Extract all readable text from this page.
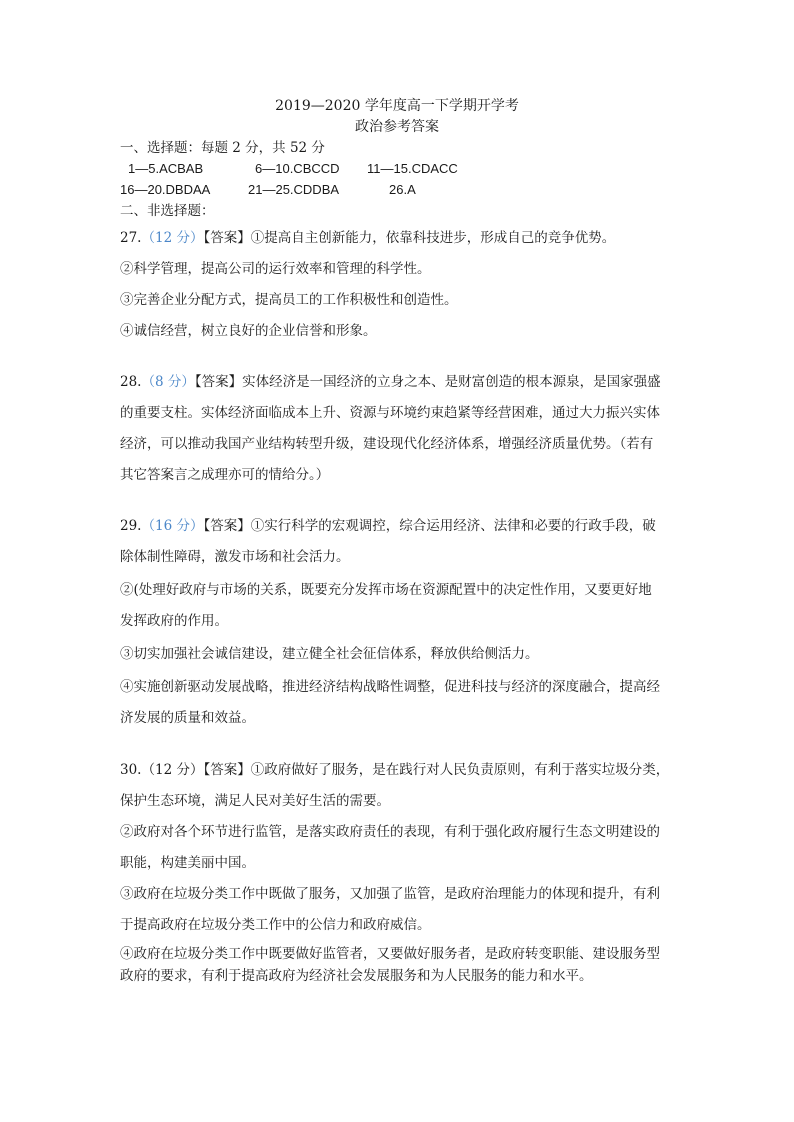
2019—2020 学年度高一下学期开学考
政治参考答案
一、选择题：每题 2 分，共 52 分
1—5.ACBAB	6—10.CBCCD 11—15.CDACC
16—20.DBDAA	21—25.CDDBA	26.A
二、非选择题：
27.（12 分）【答案】①提高自主创新能力，依靠科技进步，形成自己的竞争优势。
②科学管理，提高公司的运行效率和管理的科学性。
③完善企业分配方式，提高员工的工作积极性和创造性。
④诚信经营，树立良好的企业信誉和形象。
28.（8 分）【答案】实体经济是一国经济的立身之本、是财富创造的根本源泉，是国家强盛
的重要支柱。实体经济面临成本上升、资源与环境约束趋紧等经营困难，通过大力振兴实体
经济，可以推动我国产业结构转型升级，建设现代化经济体系，增强经济质量优势。（若有
其它答案言之成理亦可的情给分。）
29.（16 分）【答案】①实行科学的宏观调控，综合运用经济、法律和必要的行政手段，破
除体制性障碍，激发市场和社会活力。
②(处理好政府与市场的关系，既要充分发挥市场在资源配置中的决定性作用，又要更好地
发挥政府的作用。
③切实加强社会诚信建设，建立健全社会征信体系，释放供给侧活力。
④实施创新驱动发展战略，推进经济结构战略性调整，促进科技与经济的深度融合，提高经
济发展的质量和效益。
30.（12 分）【答案】①政府做好了服务，是在践行对人民负责原则，有利于落实垃圾分类，
保护生态环境，满足人民对美好生活的需要。
②政府对各个环节进行监管，是落实政府责任的表现，有利于强化政府履行生态文明建设的
职能，构建美丽中国。
③政府在垃圾分类工作中既做了服务，又加强了监管，是政府治理能力的体现和提升，有利
于提高政府在垃圾分类工作中的公信力和政府威信。
④政府在垃圾分类工作中既要做好监管者，又要做好服务者，是政府转变职能、建设服务型
政府的要求，有利于提高政府为经济社会发展服务和为人民服务的能力和水平。
